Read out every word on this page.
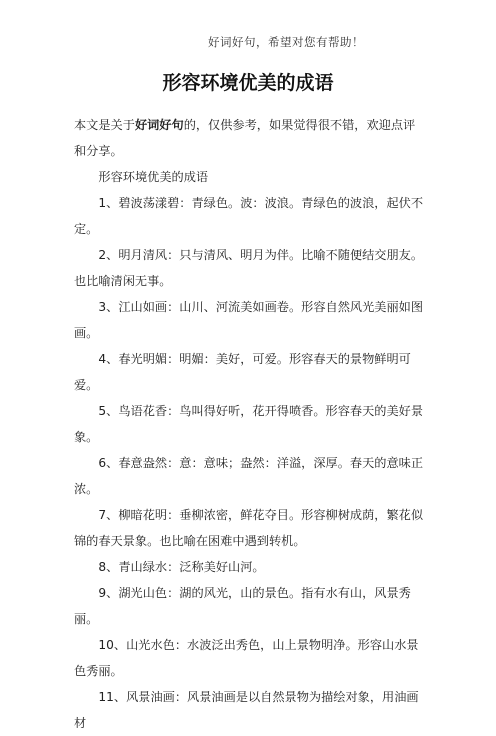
好词好句，希望对您有帮助！
形容环境优美的成语

本文是关于好词好句的，仅供参考，如果觉得很不错，欢迎点评和分享。

形容环境优美的成语

1、碧波荡漾碧：青绿色。波：波浪。青绿色的波浪，起伏不定。

2、明月清风：只与清风、明月为伴。比喻不随便结交朋友。也比喻清闲无事。

3、江山如画：山川、河流美如画卷。形容自然风光美丽如图画。

4、春光明媚：明媚：美好，可爱。形容春天的景物鲜明可爱。

5、鸟语花香：鸟叫得好听，花开得喷香。形容春天的美好景象。

6、春意盎然：意：意味；盎然：洋溢，深厚。春天的意味正浓。

7、柳暗花明：垂柳浓密，鲜花夺目。形容柳树成荫，繁花似锦的春天景象。也比喻在困难中遇到转机。

8、青山绿水：泛称美好山河。

9、湖光山色：湖的风光，山的景色。指有水有山，风景秀丽。

10、山光水色：水波泛出秀色，山上景物明净。形容山水景色秀丽。

11、风景油画：风景油画是以自然景物为描绘对象，用油画材
